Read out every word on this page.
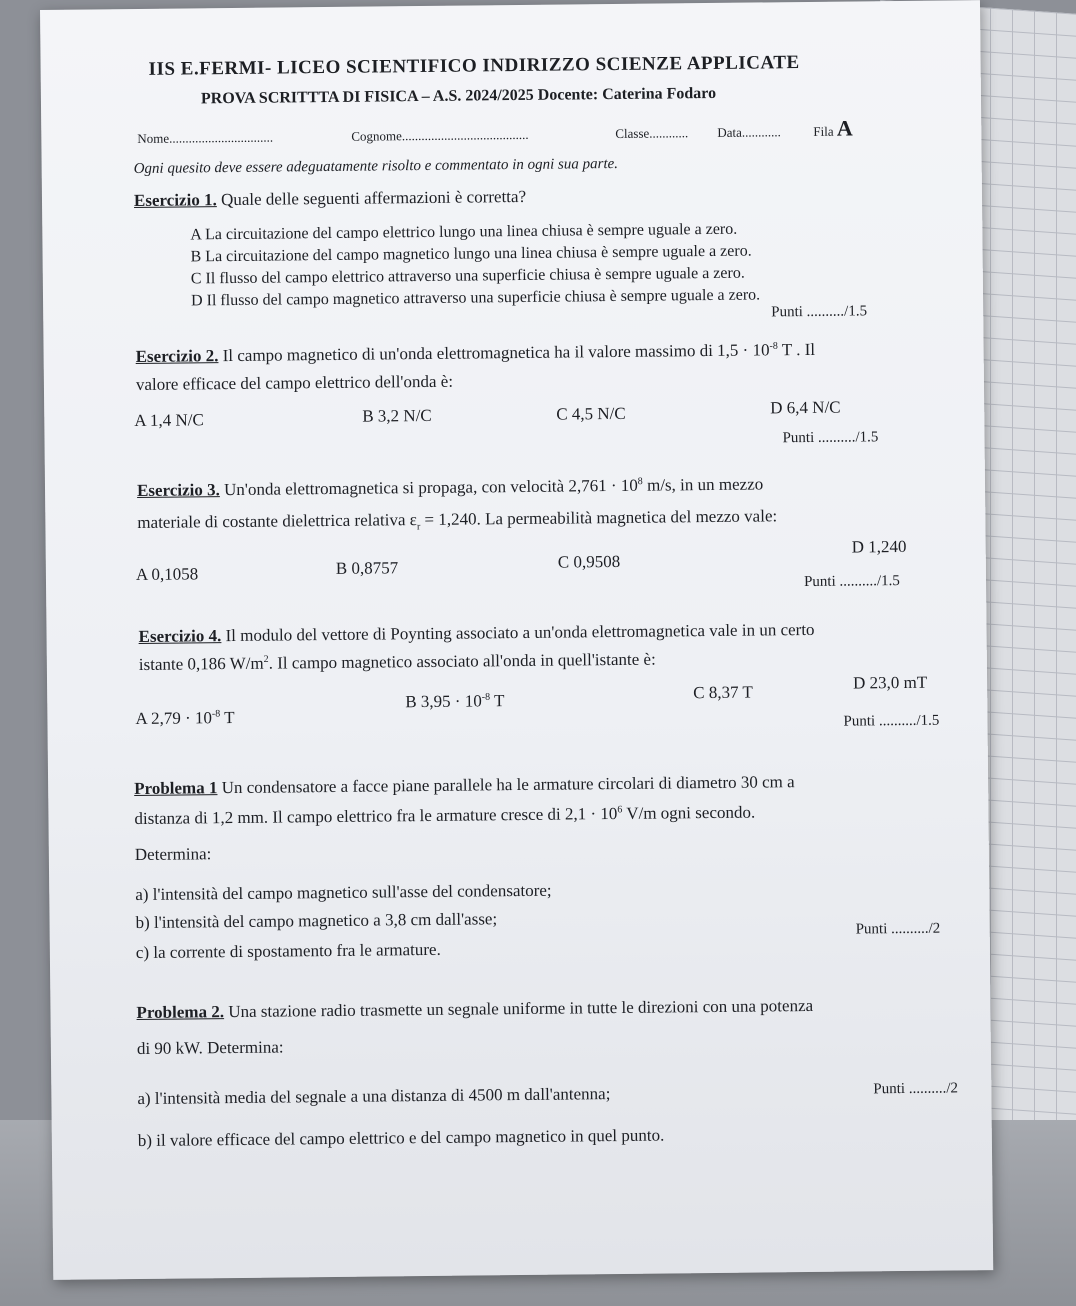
IIS E.FERMI- LICEO SCIENTIFICO INDIRIZZO SCIENZE APPLICATE
PROVA SCRITTTA DI FISICA – A.S. 2024/2025 Docente: Caterina Fodaro
Nome................................	Cognome.......................................	Classe............ Data............ Fila A
Ogni quesito deve essere adeguatamente risolto e commentato in ogni sua parte.
Esercizio 1. Quale delle seguenti affermazioni è corretta?
A La circuitazione del campo elettrico lungo una linea chiusa è sempre uguale a zero.
B La circuitazione del campo magnetico lungo una linea chiusa è sempre uguale a zero.
C Il flusso del campo elettrico attraverso una superficie chiusa è sempre uguale a zero.
D Il flusso del campo magnetico attraverso una superficie chiusa è sempre uguale a zero.
Punti ........../1.5
Esercizio 2. Il campo magnetico di un'onda elettromagnetica ha il valore massimo di $1,5 \cdot 10^{-8}$ T . Il
valore efficace del campo elettrico dell'onda è:
A 1,4 N/C	B 3,2 N/C	C 4,5 N/C	D 6,4 N/C
Punti ........../1.5
Esercizio 3. Un'onda elettromagnetica si propaga, con velocità $2,761 \cdot 10^8$ m/s, in un mezzo
materiale di costante dielettrica relativa $\varepsilon_r = 1,240$. La permeabilità magnetica del mezzo vale:
A 0,1058	B 0,8757	C 0,9508
D 1,240
Punti ........../1.5
Esercizio 4. Il modulo del vettore di Poynting associato a un'onda elettromagnetica vale in un certo
istante 0,186 $W/m^2$. Il campo magnetico associato all'onda in quell'istante è:
A $2,79 \cdot 10^{-8}$ T
B $3,95 \cdot 10^{-8}$ T	C 8,37 T	D 23,0 mT
Punti ........../1.5
Problema 1 Un condensatore a facce piane parallele ha le armature circolari di diametro 30 cm a
distanza di 1,2 mm. Il campo elettrico fra le armature cresce di $2,1 \cdot 10^6$ V/m ogni secondo.
Determina:
a) l'intensità del campo magnetico sull'asse del condensatore;
b) l'intensità del campo magnetico a 3,8 cm dall'asse;
c) la corrente di spostamento fra le armature.
Punti ........../2
Problema 2. Una stazione radio trasmette un segnale uniforme in tutte le direzioni con una potenza
di 90 kW. Determina:
a) l'intensità media del segnale a una distanza di 4500 m dall'antenna;
b) il valore efficace del campo elettrico e del campo magnetico in quel punto.
Punti ........../2
